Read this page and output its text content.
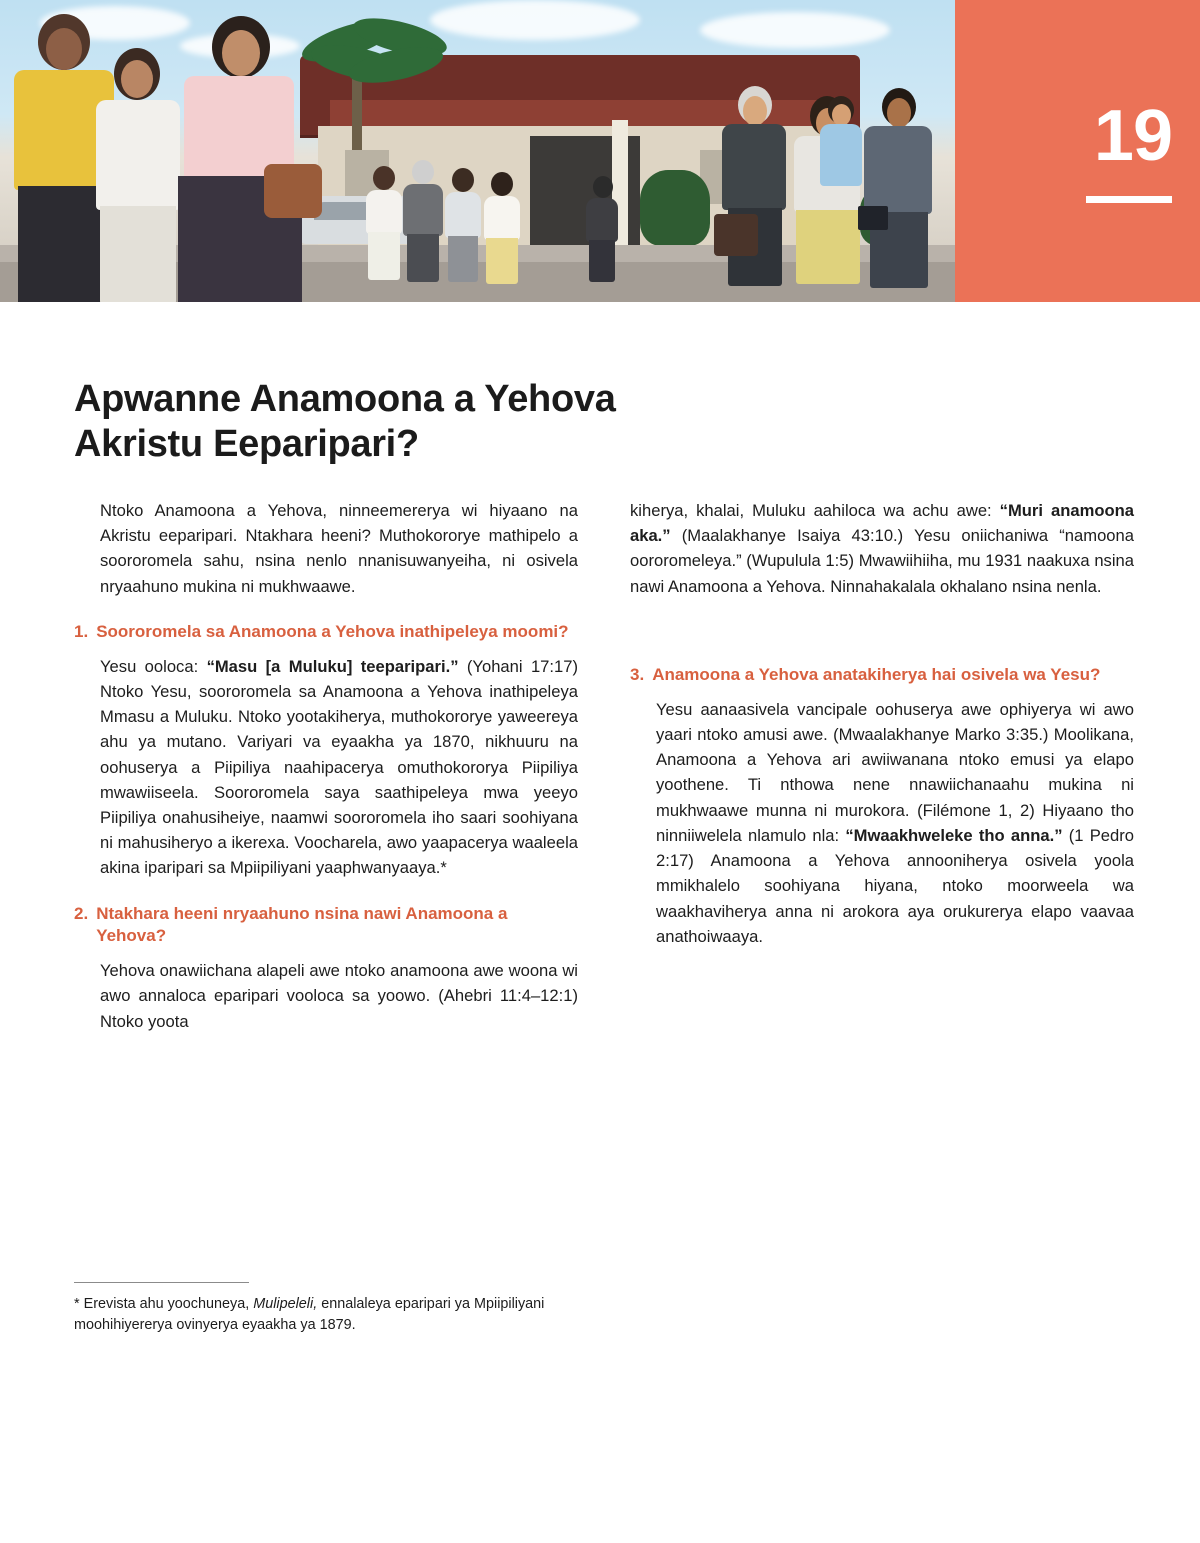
19
Apwanne Anamoona a Yehova
Akristu Eeparipari?

Ntoko Anamoona a Yehova, ninneemererya wi hiyaano na Akristu eeparipari. Ntakhara heeni? Muthokororye mathipelo a soororomela sahu, nsina nenlo nnanisuwanyeiha, ni osivela nryaahuno mukina ni mukhwaawe.

1. Soororomela sa Anamoona a Yehova inathipeleya moomi?

Yesu ooloca: “Masu [a Muluku] teeparipari.” (Yohani 17:17) Ntoko Yesu, soororomela sa Anamoona a Yehova inathipeleya Mmasu a Muluku. Ntoko yootakiherya, muthokororye yaweereya ahu ya mutano. Variyari va eyaakha ya 1870, nikhuuru na oohuserya a Piipiliya naahipacerya omuthokororya Piipiliya mwawiiseela. Soororomela saya saathipeleya mwa yeeyo Piipiliya onahusiheiye, naamwi soororomela iho saari soohiyana ni mahusiheryo a ikerexa. Voocharela, awo yaapacerya waaleela akina iparipari sa Mpiipiliyani yaaphwanyaaya.*

2. Ntakhara heeni nryaahuno nsina nawi Anamoona a Yehova?

Yehova onawiichana alapeli awe ntoko anamoona awe woona wi awo annaloca eparipari vooloca sa yoowo. (Ahebri 11:4–12:1) Ntoko yoota

3. Anamoona a Yehova anatakiherya hai osivela wa Yesu?

Yesu aanaasivela vancipale oohuserya awe ophiyerya wi awo yaari ntoko amusi awe. (Mwaalakhanye Marko 3:35.) Moolikana, Anamoona a Yehova ari awiiwanana ntoko emusi ya elapo yoothene. Ti nthowa nene nnawiichanaahu mukina ni mukhwaawe munna ni murokora. (Filémone 1, 2) Hiyaano tho ninniiwelela nlamulo nla: “Mwaakhweleke tho anna.” (1 Pedro 2:17) Anamoona a Yehova annooniherya osivela yoola mmikhalelo soohiyana hiyana, ntoko moorweela wa waakhaviherya anna ni arokora aya orukurerya elapo vaavaa anathoiwaaya.

kiherya, khalai, Muluku aahiloca wa achu awe: “Muri anamoona aka.” (Maalakhanye Isaiya 43:10.) Yesu oniichaniwa “namoona oororomeleya.” (Wupulula 1:5) Mwawiihiiha, mu 1931 naakuxa nsina nawi Anamoona a Yehova. Ninnahakalala okhalano nsina nenla.

* Erevista ahu yoochuneya, Mulipeleli, ennalaleya eparipari ya Mpiipiliyani moohihiyererya ovinyerya eyaakha ya 1879.
